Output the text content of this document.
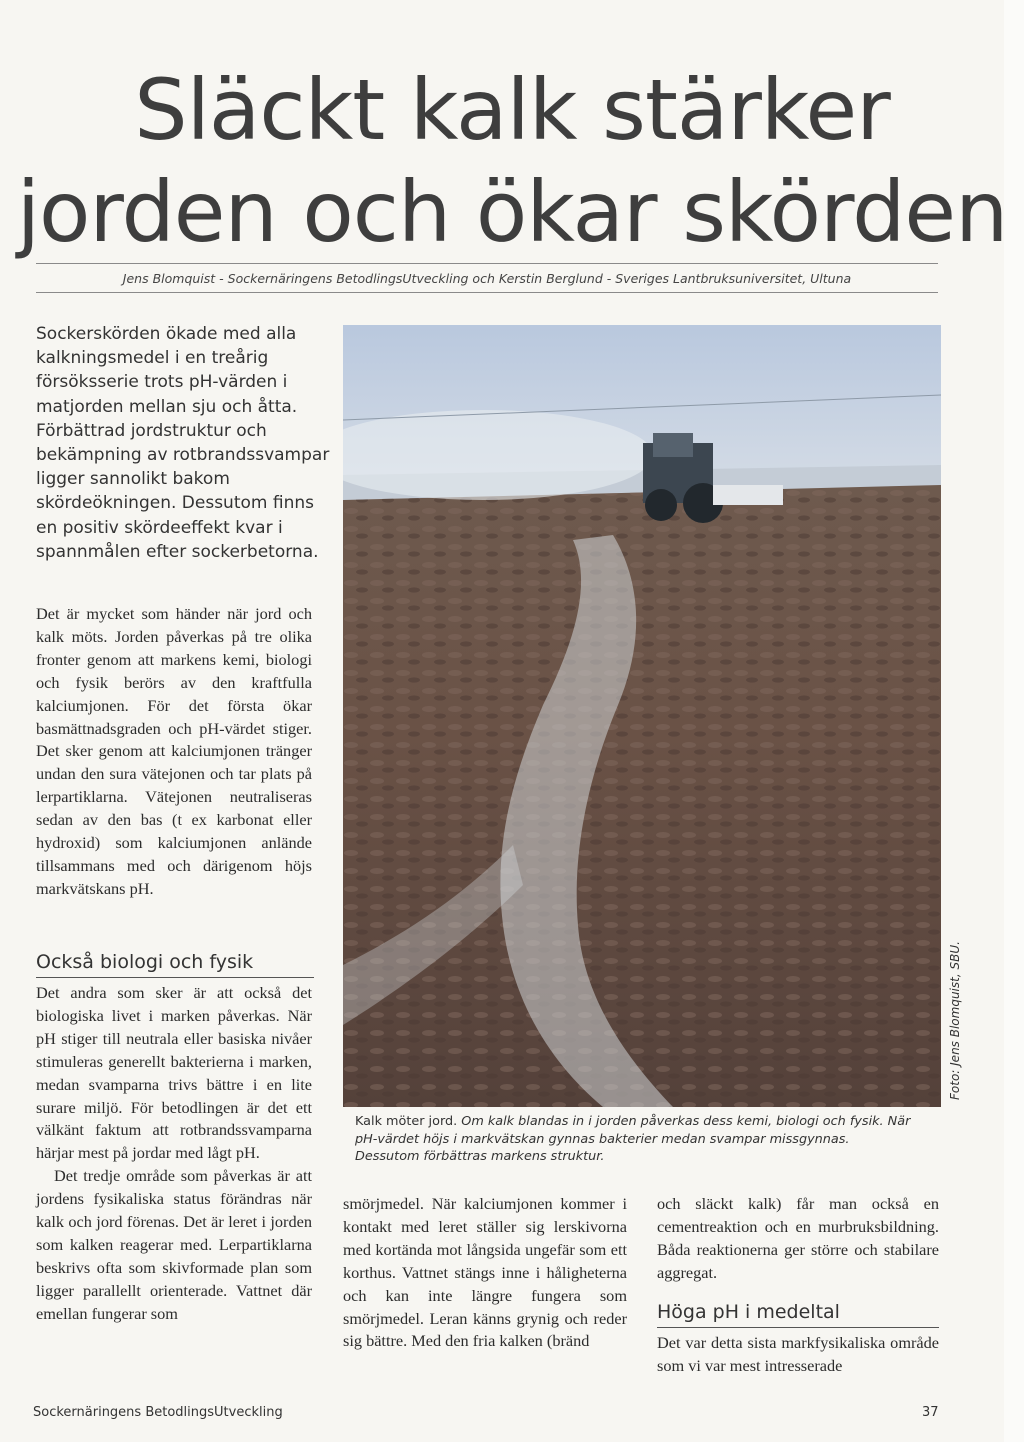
Släckt kalk stärker
jorden och ökar skörden
Jens Blomquist - Sockernäringens BetodlingsUtveckling och Kerstin Berglund - Sveriges Lantbruksuniversitet, Ultuna

Sockerskörden ökade med alla kalkningsmedel i en treårig försöksserie trots pH-värden i matjorden mellan sju och åtta. Förbättrad jordstruktur och bekämpning av rotbrandssvampar ligger sannolikt bakom skördeökningen. Dessutom finns en positiv skördeeffekt kvar i spannmålen efter sockerbetorna.

Det är mycket som händer när jord och kalk möts. Jorden påverkas på tre olika fronter genom att markens kemi, biologi och fysik berörs av den kraftfulla kalciumjonen. För det första ökar basmättnadsgraden och pH-värdet stiger. Det sker genom att kalciumjonen tränger undan den sura vätejonen och tar plats på lerpartiklarna. Vätejonen neutraliseras sedan av den bas (t ex karbonat eller hydroxid) som kalciumjonen anlände tillsammans med och därigenom höjs markvätskans pH.

Också biologi och fysik

Det andra som sker är att också det biologiska livet i marken påverkas. När pH stiger till neutrala eller basiska nivåer stimuleras generellt bakterierna i marken, medan svamparna trivs bättre i en lite surare miljö. För betodlingen är det ett välkänt faktum att rotbrandssvamparna härjar mest på jordar med lågt pH.

Det tredje område som påverkas är att jordens fysikaliska status förändras när kalk och jord förenas. Det är leret i jorden som kalken reagerar med. Lerpartiklarna beskrivs ofta som skivformade plan som ligger parallellt orienterade. Vattnet där emellan fungerar som

Foto: Jens Blomquist, SBU.

Kalk möter jord. Om kalk blandas in i jorden påverkas dess kemi, biologi och fysik. När pH-värdet höjs i markvätskan gynnas bakterier medan svampar missgynnas. Dessutom förbättras markens struktur.

smörjmedel. När kalciumjonen kommer i kontakt med leret ställer sig lerskivorna med kortända mot långsida ungefär som ett korthus. Vattnet stängs inne i håligheterna och kan inte längre fungera som smörjmedel. Leran känns grynig och reder sig bättre. Med den fria kalken (bränd

och släckt kalk) får man också en cementreaktion och en murbruksbildning. Båda reaktionerna ger större och stabilare aggregat.

Höga pH i medeltal

Det var detta sista markfysikaliska område som vi var mest intresserade

Sockernäringens BetodlingsUtveckling	37
